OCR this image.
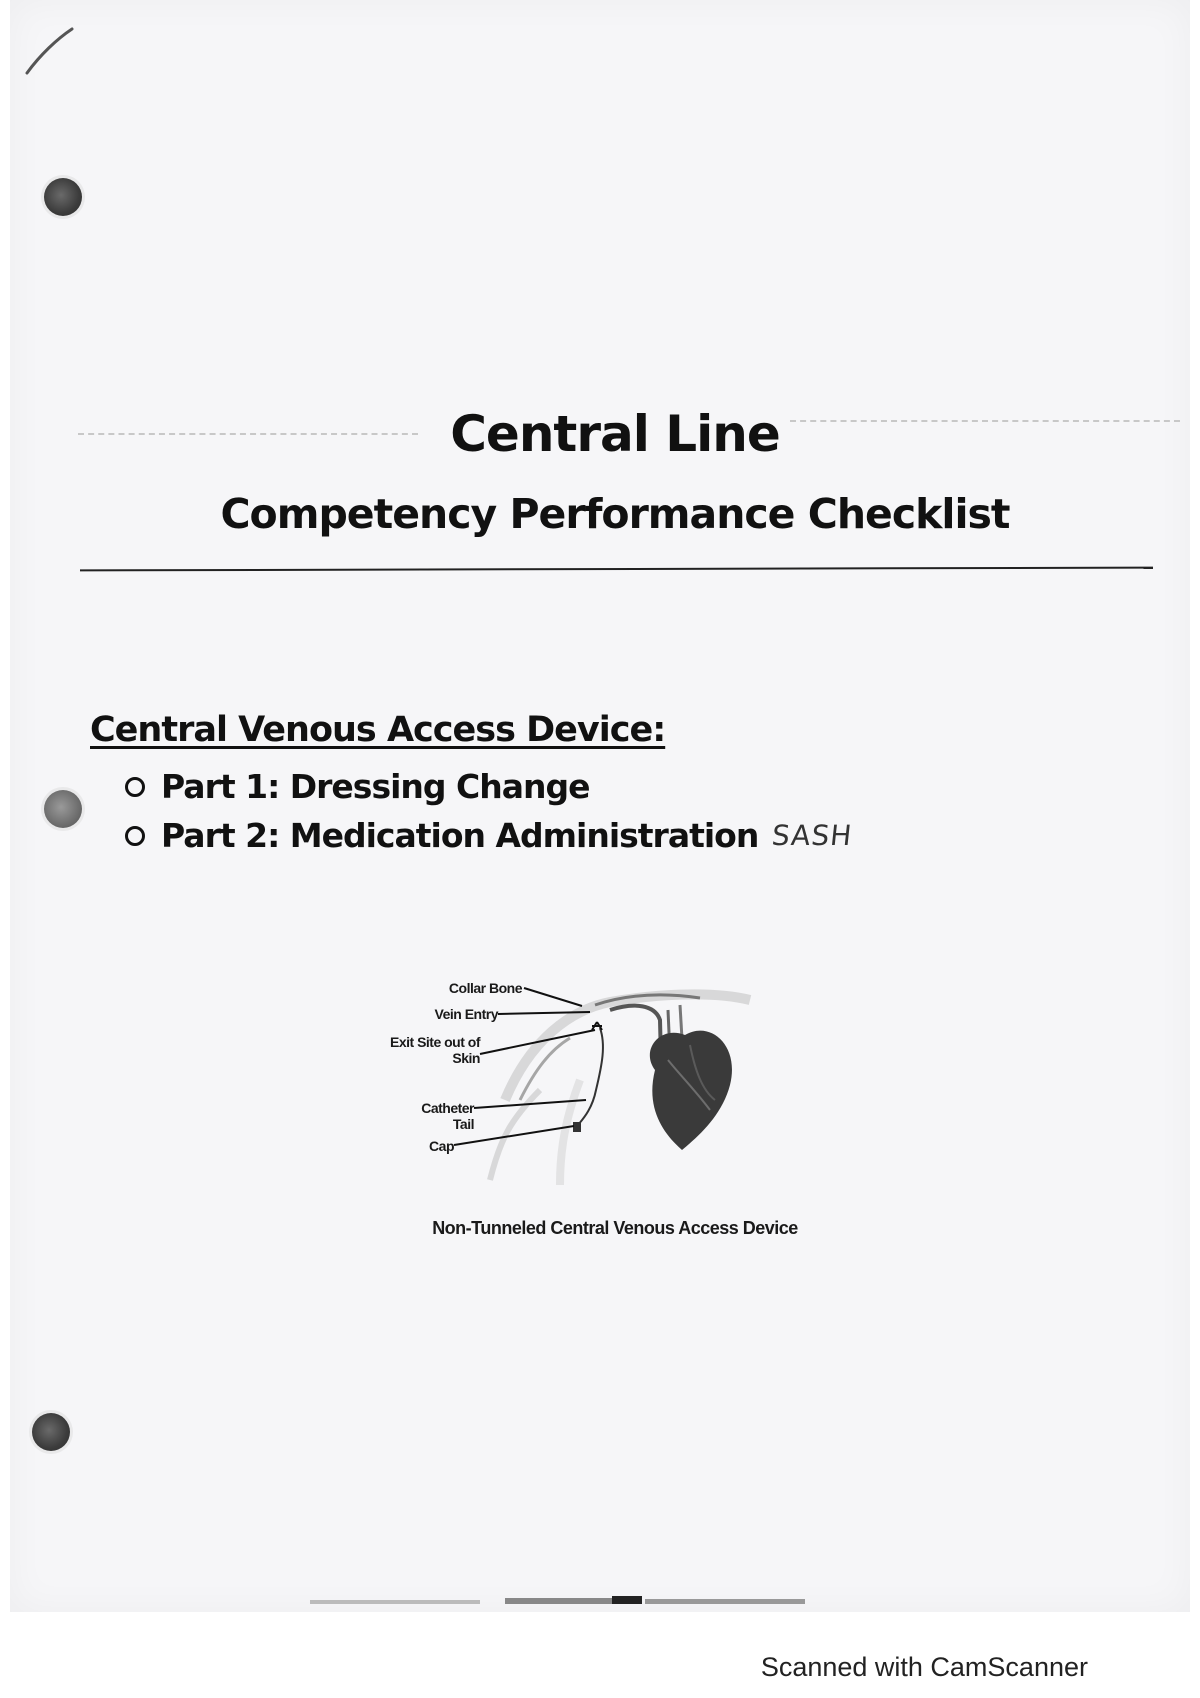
Central Line
Competency Performance Checklist
Central Venous Access Device:
Part 1: Dressing Change
Part 2: Medication Administration SASH
Collar Bone
Vein Entry
Exit Site out of Skin
Catheter Tail
Cap
Non-Tunneled Central Venous Access Device
Scanned with CamScanner
